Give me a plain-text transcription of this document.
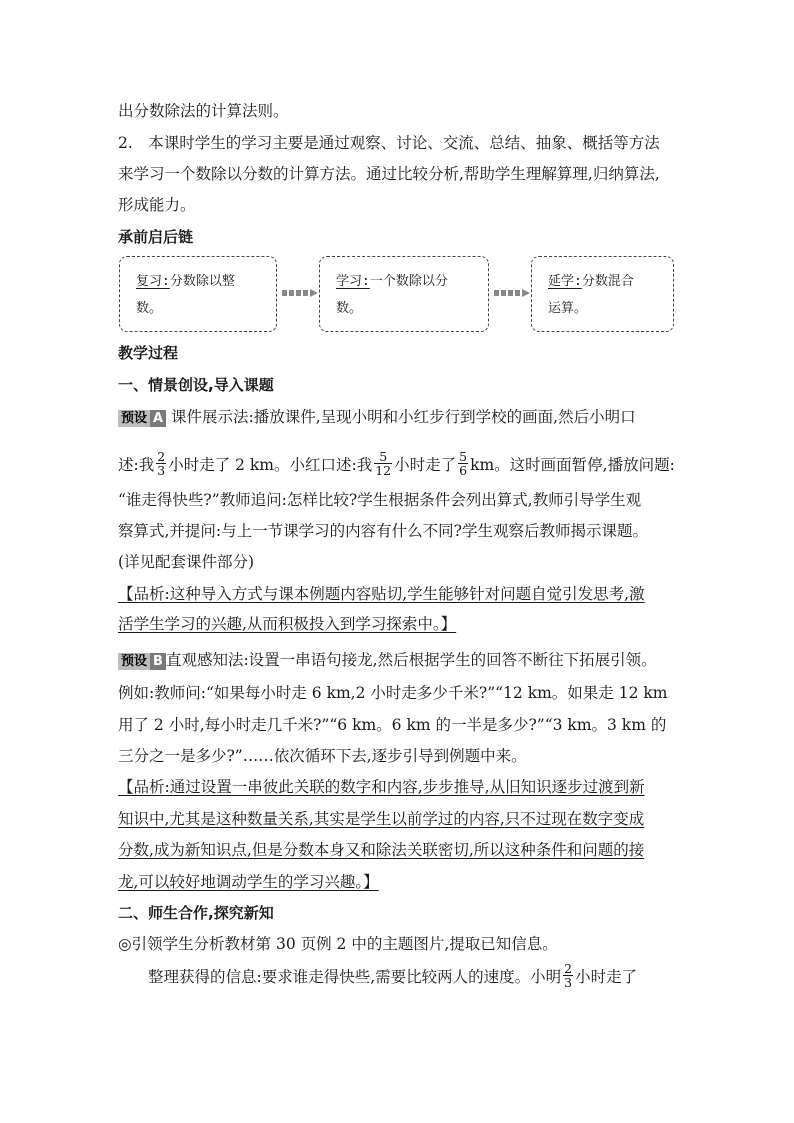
出分数除法的计算法则。
2.　本课时学生的学习主要是通过观察、讨论、交流、总结、抽象、概括等方法
来学习一个数除以分数的计算方法。通过比较分析,帮助学生理解算理,归纳算法,
形成能力。
承前启后链
复习:分数除以整
数。
学习:一个数除以分
数。
延学:分数混合
运算。
教学过程
一、情景创设,导入课题
预设 A 课件展示法:播放课件,呈现小明和小红步行到学校的画面,然后小明口
述:我 $\frac{2}{3}$ 小时走了 2 km。小红口述:我 $\frac{5}{12}$ 小时走了 $\frac{5}{6}$ km。这时画面暂停,播放问题:
“谁走得快些?”教师追问:怎样比较?学生根据条件会列出算式,教师引导学生观
察算式,并提问:与上一节课学习的内容有什么不同?学生观察后教师揭示课题。
(详见配套课件部分)
【品析:这种导入方式与课本例题内容贴切,学生能够针对问题自觉引发思考,激
活学生学习的兴趣,从而积极投入到学习探索中。】
预设 B 直观感知法:设置一串语句接龙,然后根据学生的回答不断往下拓展引领。
例如:教师问:“如果每小时走 6 km,2 小时走多少千米?”“12 km。如果走 12 km
用了 2 小时,每小时走几千米?”“6 km。6 km 的一半是多少?”“3 km。3 km 的
三分之一是多少?”……依次循环下去,逐步引导到例题中来。
【品析:通过设置一串彼此关联的数字和内容,步步推导,从旧知识逐步过渡到新
知识中,尤其是这种数量关系,其实是学生以前学过的内容,只不过现在数字变成
分数,成为新知识点,但是分数本身又和除法关联密切,所以这种条件和问题的接
龙,可以较好地调动学生的学习兴趣。】
二、师生合作,探究新知
◎引领学生分析教材第 30 页例 2 中的主题图片,提取已知信息。
整理获得的信息:要求谁走得快些,需要比较两人的速度。小明 $\frac{2}{3}$ 小时走了
